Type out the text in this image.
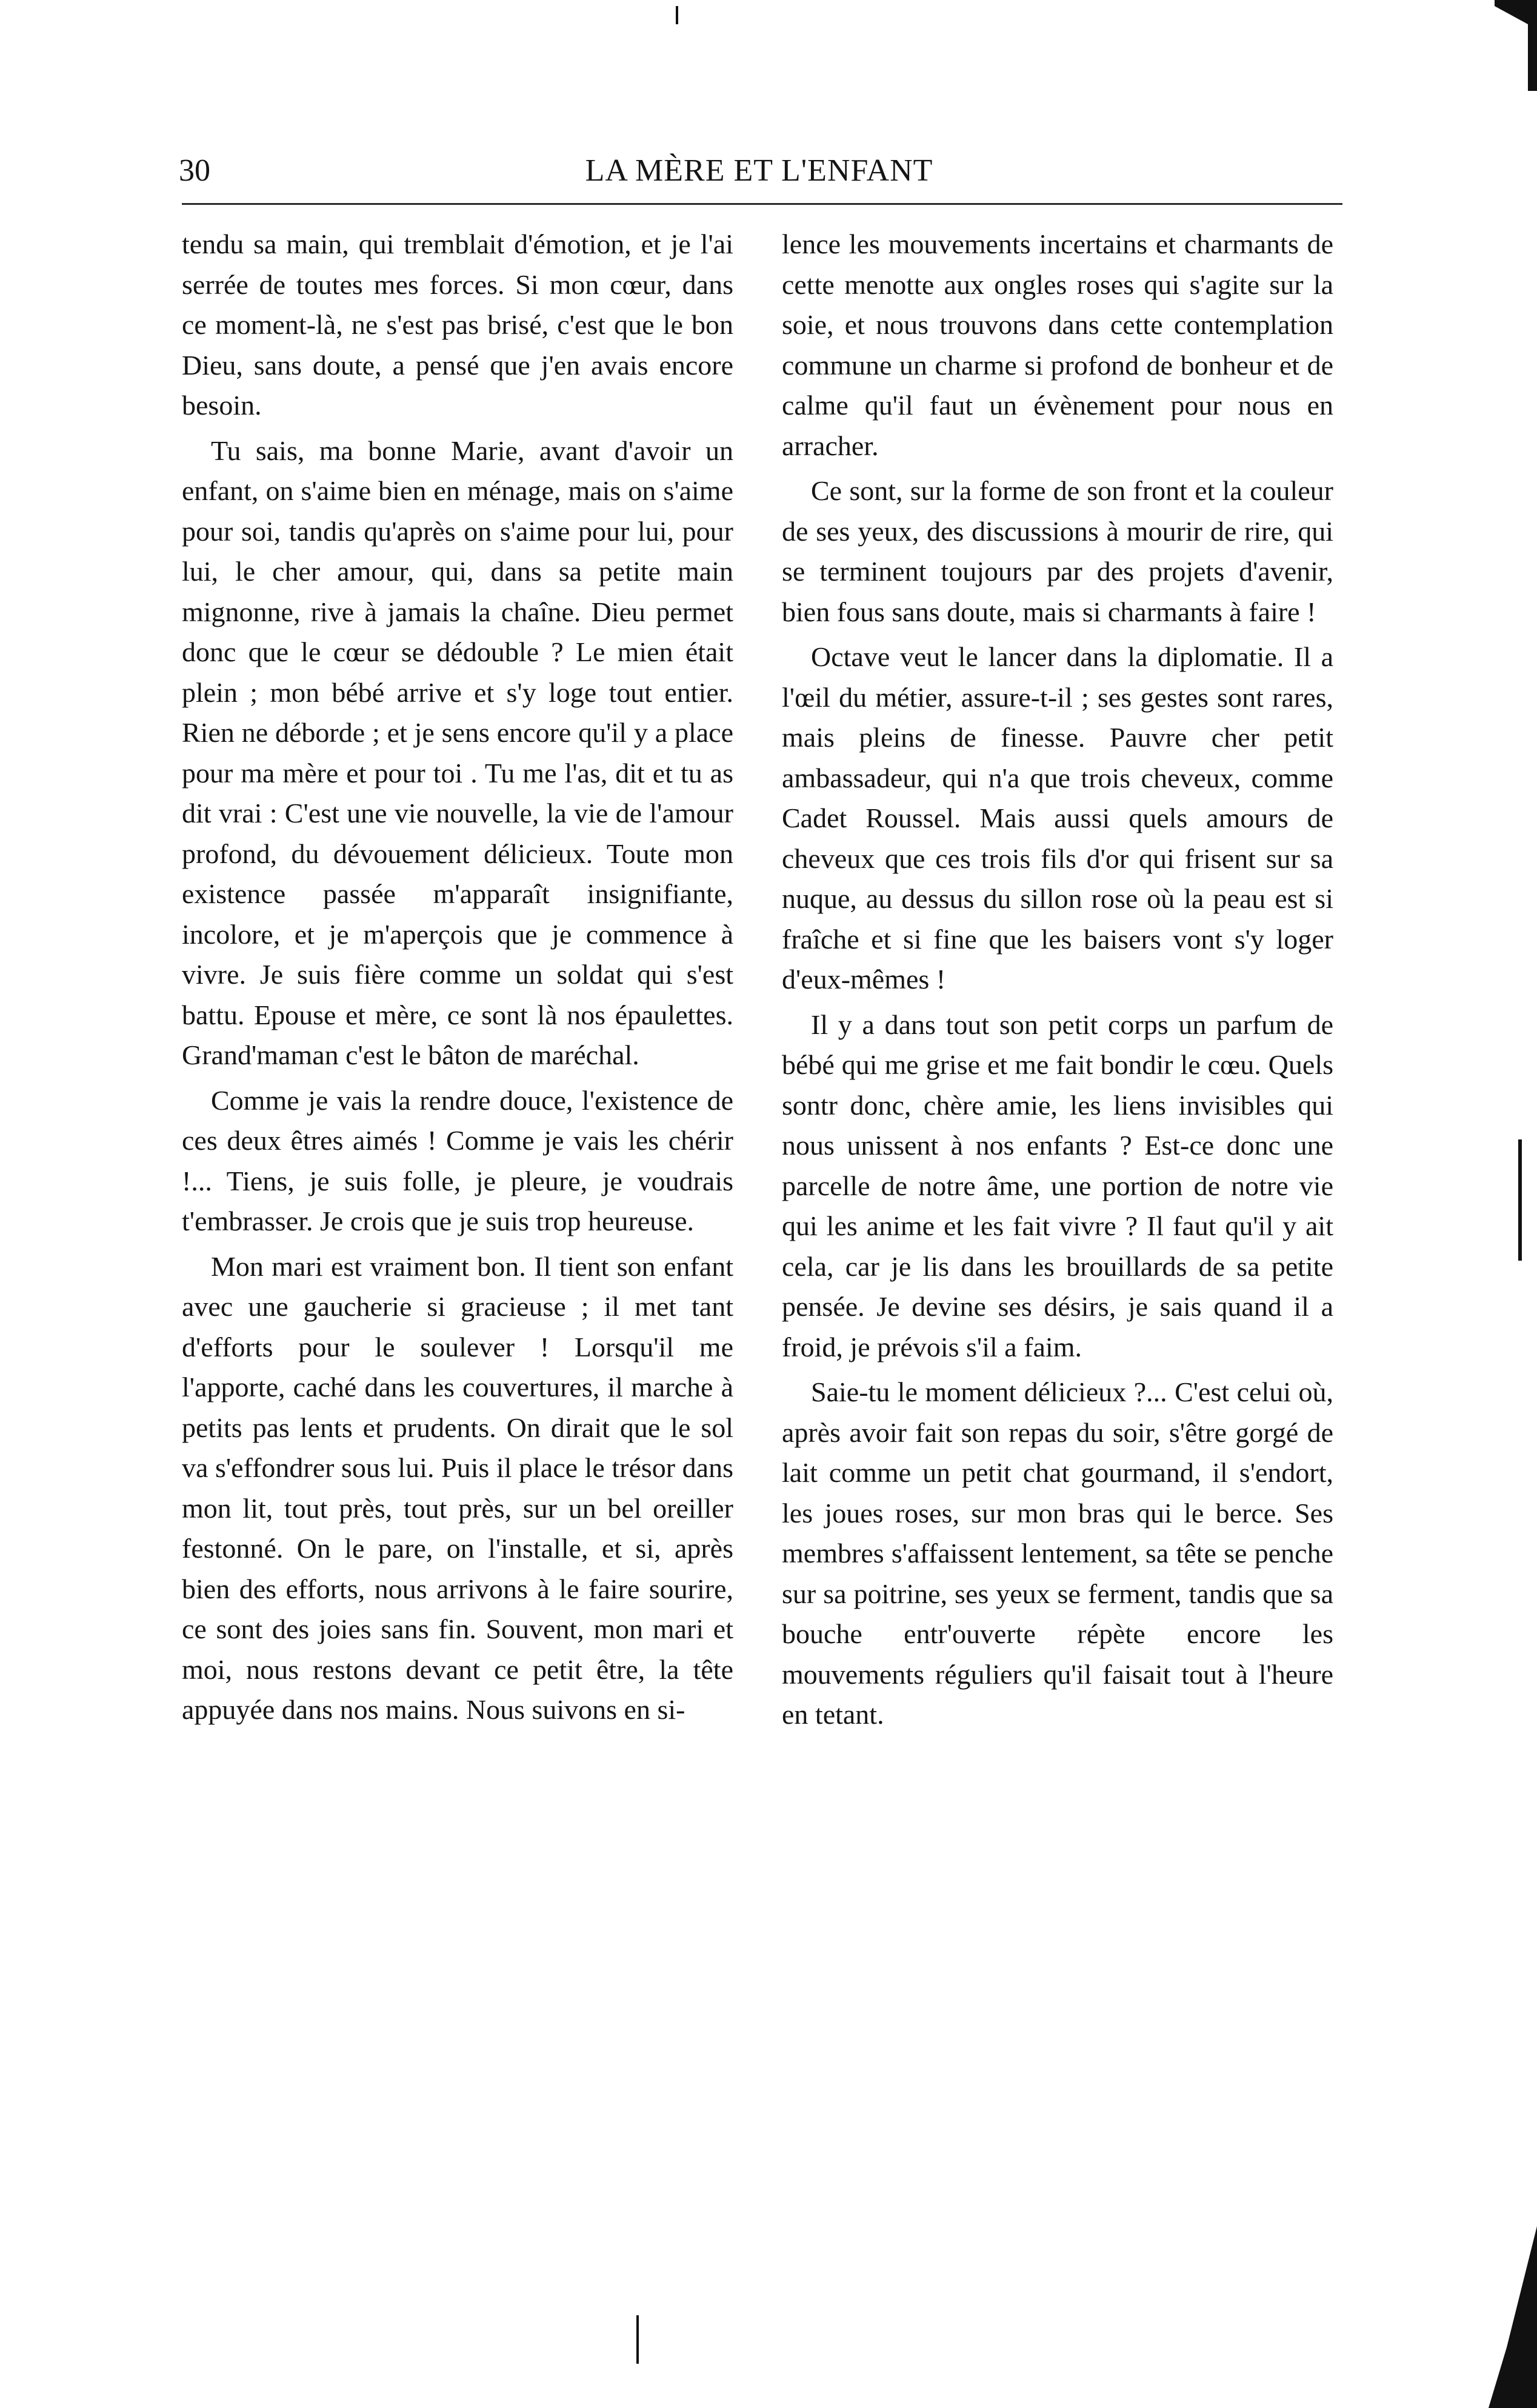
30	LA MÈRE ET L'ENFANT

tendu sa main, qui tremblait d'émotion, et je l'ai serrée de toutes mes forces. Si mon cœur, dans ce moment-là, ne s'est pas brisé, c'est que le bon Dieu, sans doute, a pensé que j'en avais encore besoin.

Tu sais, ma bonne Marie, avant d'avoir un enfant, on s'aime bien en ménage, mais on s'aime pour soi, tandis qu'après on s'aime pour lui, pour lui, le cher amour, qui, dans sa petite main mignonne, rive à jamais la chaîne. Dieu permet donc que le cœur se dédouble ? Le mien était plein ; mon bébé arrive et s'y loge tout entier. Rien ne déborde ; et je sens encore qu'il y a place pour ma mère et pour toi . Tu me l'as, dit et tu as dit vrai : C'est une vie nouvelle, la vie de l'amour profond, du dévouement délicieux. Toute mon existence passée m'apparaît insignifiante, incolore, et je m'aperçois que je commence à vivre. Je suis fière comme un soldat qui s'est battu. Epouse et mère, ce sont là nos épaulettes. Grand'maman c'est le bâton de maréchal.

Comme je vais la rendre douce, l'existence de ces deux êtres aimés ! Comme je vais les chérir !... Tiens, je suis folle, je pleure, je voudrais t'embrasser. Je crois que je suis trop heureuse.

Mon mari est vraiment bon. Il tient son enfant avec une gaucherie si gracieuse ; il met tant d'efforts pour le soulever ! Lorsqu'il me l'apporte, caché dans les couvertures, il marche à petits pas lents et prudents. On dirait que le sol va s'effondrer sous lui. Puis il place le trésor dans mon lit, tout près, tout près, sur un bel oreiller festonné. On le pare, on l'installe, et si, après bien des efforts, nous arrivons à le faire sourire, ce sont des joies sans fin. Souvent, mon mari et moi, nous restons devant ce petit être, la tête appuyée dans nos mains. Nous suivons en si-

lence les mouvements incertains et charmants de cette menotte aux ongles roses qui s'agite sur la soie, et nous trouvons dans cette contemplation commune un charme si profond de bonheur et de calme qu'il faut un évènement pour nous en arracher.

Ce sont, sur la forme de son front et la couleur de ses yeux, des discussions à mourir de rire, qui se terminent toujours par des projets d'avenir, bien fous sans doute, mais si charmants à faire !

Octave veut le lancer dans la diplomatie. Il a l'œil du métier, assure-t-il ; ses gestes sont rares, mais pleins de finesse. Pauvre cher petit ambassadeur, qui n'a que trois cheveux, comme Cadet Roussel. Mais aussi quels amours de cheveux que ces trois fils d'or qui frisent sur sa nuque, au dessus du sillon rose où la peau est si fraîche et si fine que les baisers vont s'y loger d'eux-mêmes !

Il y a dans tout son petit corps un parfum de bébé qui me grise et me fait bondir le cœu. Quels sontr donc, chère amie, les liens invisibles qui nous unissent à nos enfants ? Est-ce donc une parcelle de notre âme, une portion de notre vie qui les anime et les fait vivre ? Il faut qu'il y ait cela, car je lis dans les brouillards de sa petite pensée. Je devine ses désirs, je sais quand il a froid, je prévois s'il a faim.

Saie-tu le moment délicieux ?... C'est celui où, après avoir fait son repas du soir, s'être gorgé de lait comme un petit chat gourmand, il s'endort, les joues roses, sur mon bras qui le berce. Ses membres s'affaissent lentement, sa tête se penche sur sa poitrine, ses yeux se ferment, tandis que sa bouche entr'ouverte répète encore les mouvements réguliers qu'il faisait tout à l'heure en tetant.
